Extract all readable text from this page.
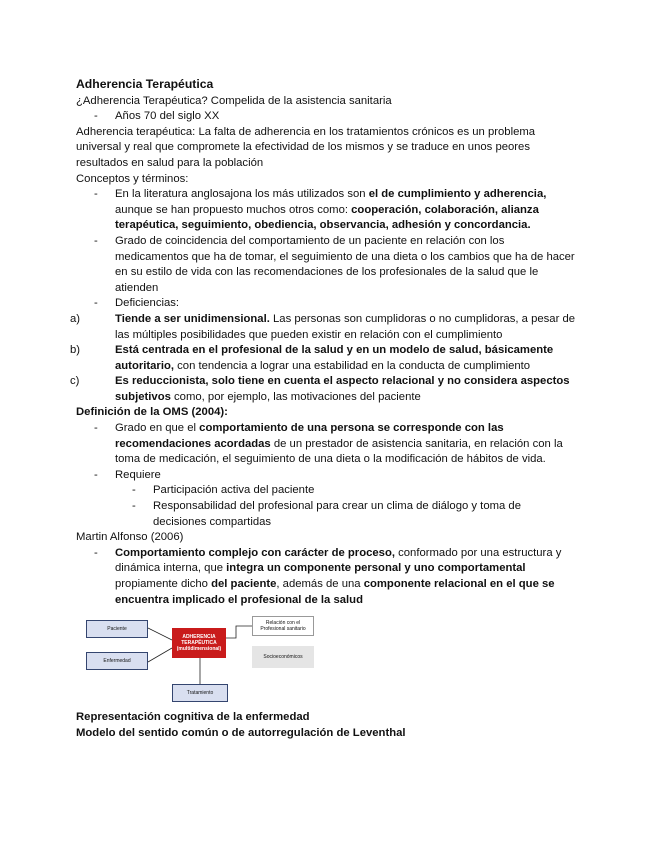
Adherencia Terapéutica

¿Adherencia Terapéutica? Compelida de la asistencia sanitaria

- Años 70 del siglo XX

Adherencia terapéutica: La falta de adherencia en los tratamientos crónicos es un problema universal y real que compromete la efectividad de los mismos y se traduce en unos peores resultados en salud para la población

Conceptos y términos:

- En la literatura anglosajona los más utilizados son el de cumplimiento y adherencia, aunque se han propuesto muchos otros como: cooperación, colaboración, alianza terapéutica, seguimiento, obediencia, observancia, adhesión y concordancia.
- Grado de coincidencia del comportamiento de un paciente en relación con los medicamentos que ha de tomar, el seguimiento de una dieta o los cambios que ha de hacer en su estilo de vida con las recomendaciones de los profesionales de la salud que le atienden
- Deficiencias:
a)	Tiende a ser unidimensional. Las personas son cumplidoras o no cumplidoras, a pesar de las múltiples posibilidades que pueden existir en relación con el cumplimiento
b)	Está centrada en el profesional de la salud y en un modelo de salud, básicamente autoritario, con tendencia a lograr una estabilidad en la conducta de cumplimiento
c)	Es reduccionista, solo tiene en cuenta el aspecto relacional y no considera aspectos subjetivos como, por ejemplo, las motivaciones del paciente

Definición de la OMS (2004):

- Grado en que el comportamiento de una persona se corresponde con las recomendaciones acordadas de un prestador de asistencia sanitaria, en relación con la toma de medicación, el seguimiento de una dieta o la modificación de hábitos de vida.
- Requiere
- Participación activa del paciente
- Responsabilidad del profesional para crear un clima de diálogo y toma de decisiones compartidas

Martin Alfonso (2006)

- Comportamiento complejo con carácter de proceso, conformado por una estructura y dinámica interna, que integra un componente personal y uno comportamental propiamente dicho del paciente, además de una componente relacional en el que se encuentra implicado el profesional de la salud
Paciente
Enfermedad
ADHERENCIA TERAPÉUTICA (multidimensional)
Tratamiento
Relación con el Profesional sanitario
Socioeconómicos

Representación cognitiva de la enfermedad

Modelo del sentido común o de autorregulación de Leventhal
